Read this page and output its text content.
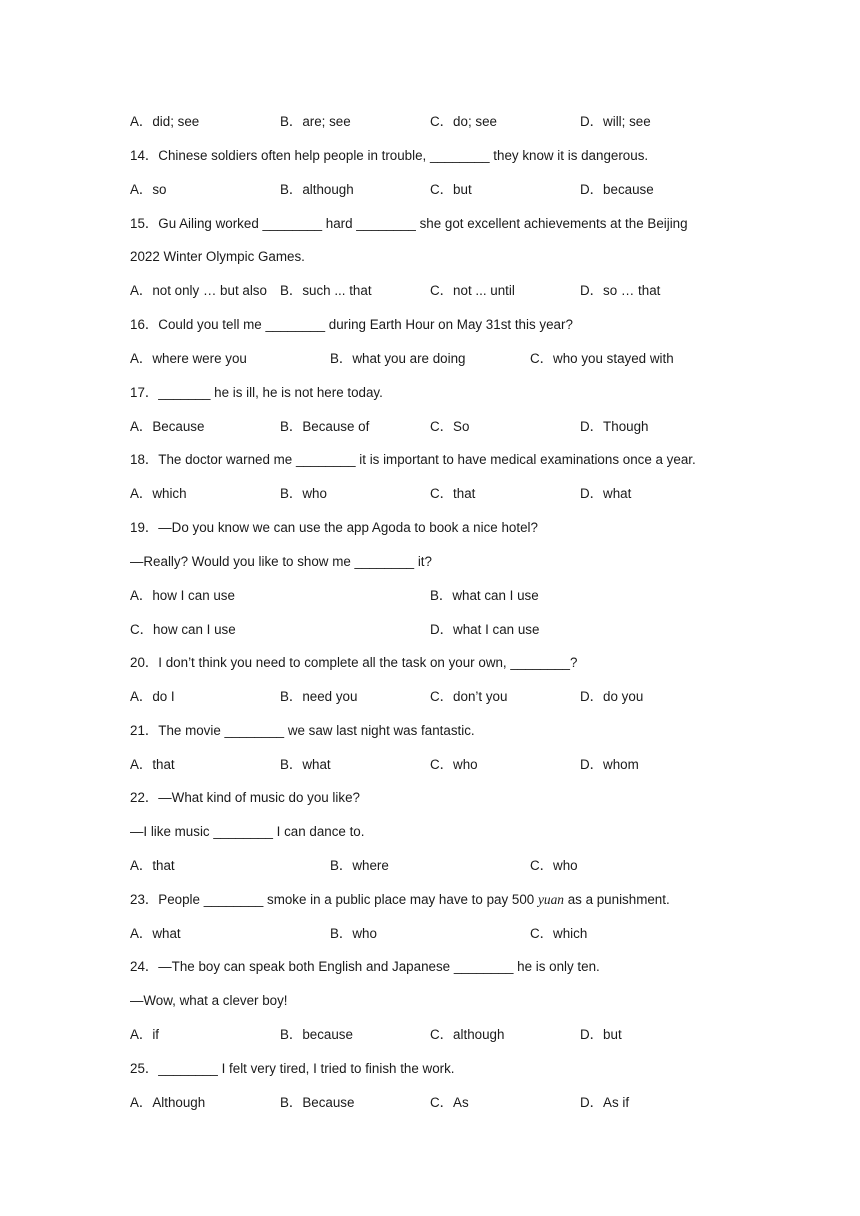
A．did; see	B．are; see	C．do; see	D．will; see
14．Chinese soldiers often help people in trouble, ________ they know it is dangerous.
A．so	B．although	C．but	D．because
15．Gu Ailing worked ________ hard ________ she got excellent achievements at the Beijing
2022 Winter Olympic Games.
A．not only … but also B．such ... that	C．not ... until	D．so … that
16．Could you tell me ________ during Earth Hour on May 31st this year?
A．where were you	B．what you are doing	C．who you stayed with
17．_______ he is ill, he is not here today.
A．Because	B．Because of	C．So	D．Though
18．The doctor warned me ________ it is important to have medical examinations once a year.
A．which	B．who	C．that	D．what
19．—Do you know we can use the app Agoda to book a nice hotel?
—Really? Would you like to show me ________ it?
A．how I can use	B．what can I use
C．how can I use	D．what I can use
20．I don’t think you need to complete all the task on your own, ________?
A．do I	B．need you	C．don’t you	D．do you
21．The movie ________ we saw last night was fantastic.
A．that	B．what	C．who	D．whom
22．—What kind of music do you like?
—I like music ________ I can dance to.
A．that	B．where	C．who
23．People ________ smoke in a public place may have to pay 500 yuan as a punishment.
A．what	B．who	C．which
24．—The boy can speak both English and Japanese ________ he is only ten.
—Wow, what a clever boy!
A．if	B．because	C．although	D．but
25．________ I felt very tired, I tried to finish the work.
A．Although	B．Because	C．As	D．As if
